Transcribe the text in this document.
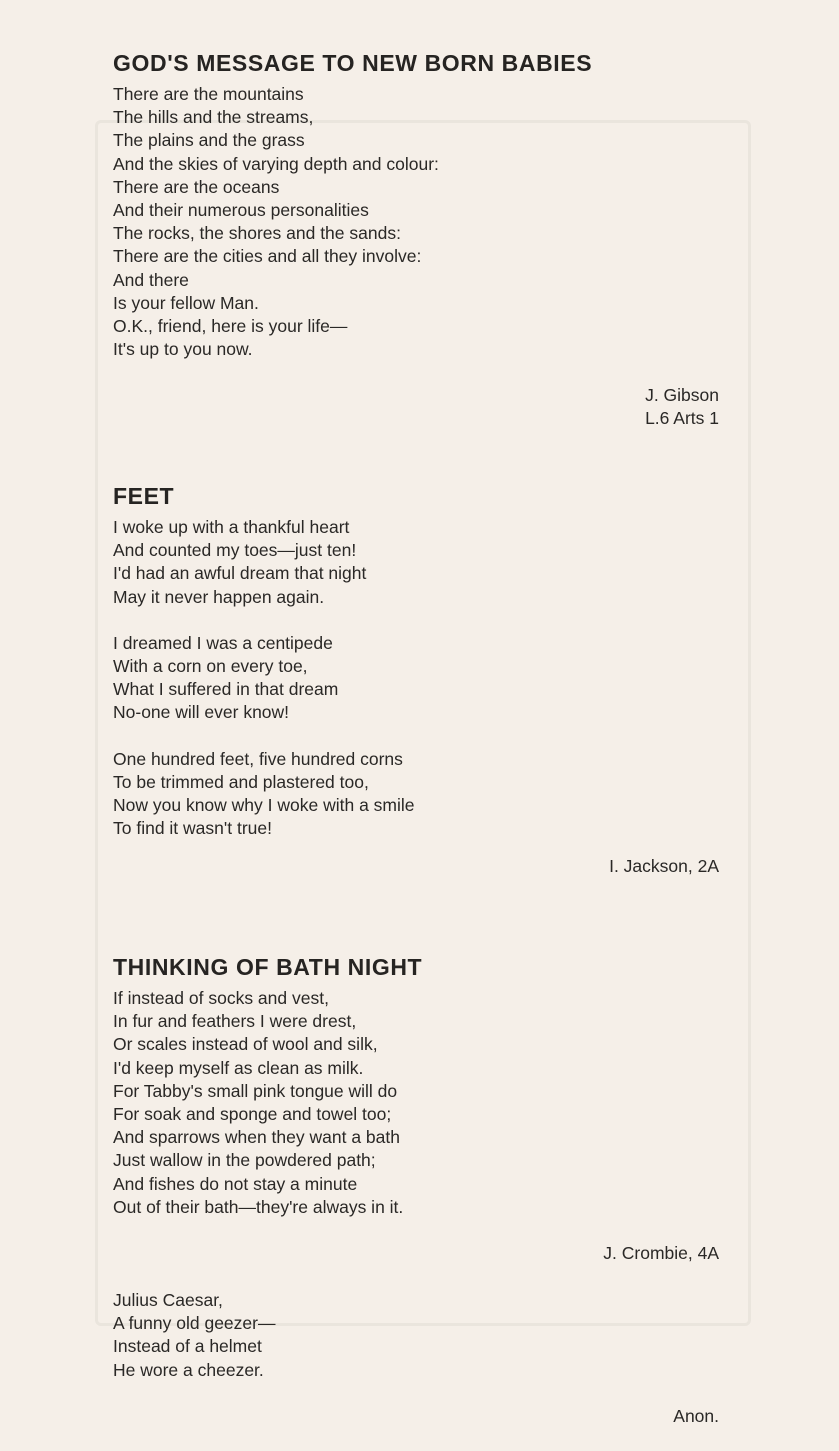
GOD'S MESSAGE TO NEW BORN BABIES
There are the mountains
The hills and the streams,
The plains and the grass
And the skies of varying depth and colour:
There are the oceans
And their numerous personalities
The rocks, the shores and the sands:
There are the cities and all they involve:
And there
Is your fellow Man.
O.K., friend, here is your life—
It's up to you now.
J. Gibson
L.6 Arts 1
FEET
I woke up with a thankful heart
And counted my toes—just ten!
I'd had an awful dream that night
May it never happen again.
I dreamed I was a centipede
With a corn on every toe,
What I suffered in that dream
No-one will ever know!
One hundred feet, five hundred corns
To be trimmed and plastered too,
Now you know why I woke with a smile
To find it wasn't true!
I. Jackson, 2A
THINKING OF BATH NIGHT
If instead of socks and vest,
In fur and feathers I were drest,
Or scales instead of wool and silk,
I'd keep myself as clean as milk.
For Tabby's small pink tongue will do
For soak and sponge and towel too;
And sparrows when they want a bath
Just wallow in the powdered path;
And fishes do not stay a minute
Out of their bath—they're always in it.
J. Crombie, 4A
Julius Caesar,
A funny old geezer—
Instead of a helmet
He wore a cheezer.
Anon.
